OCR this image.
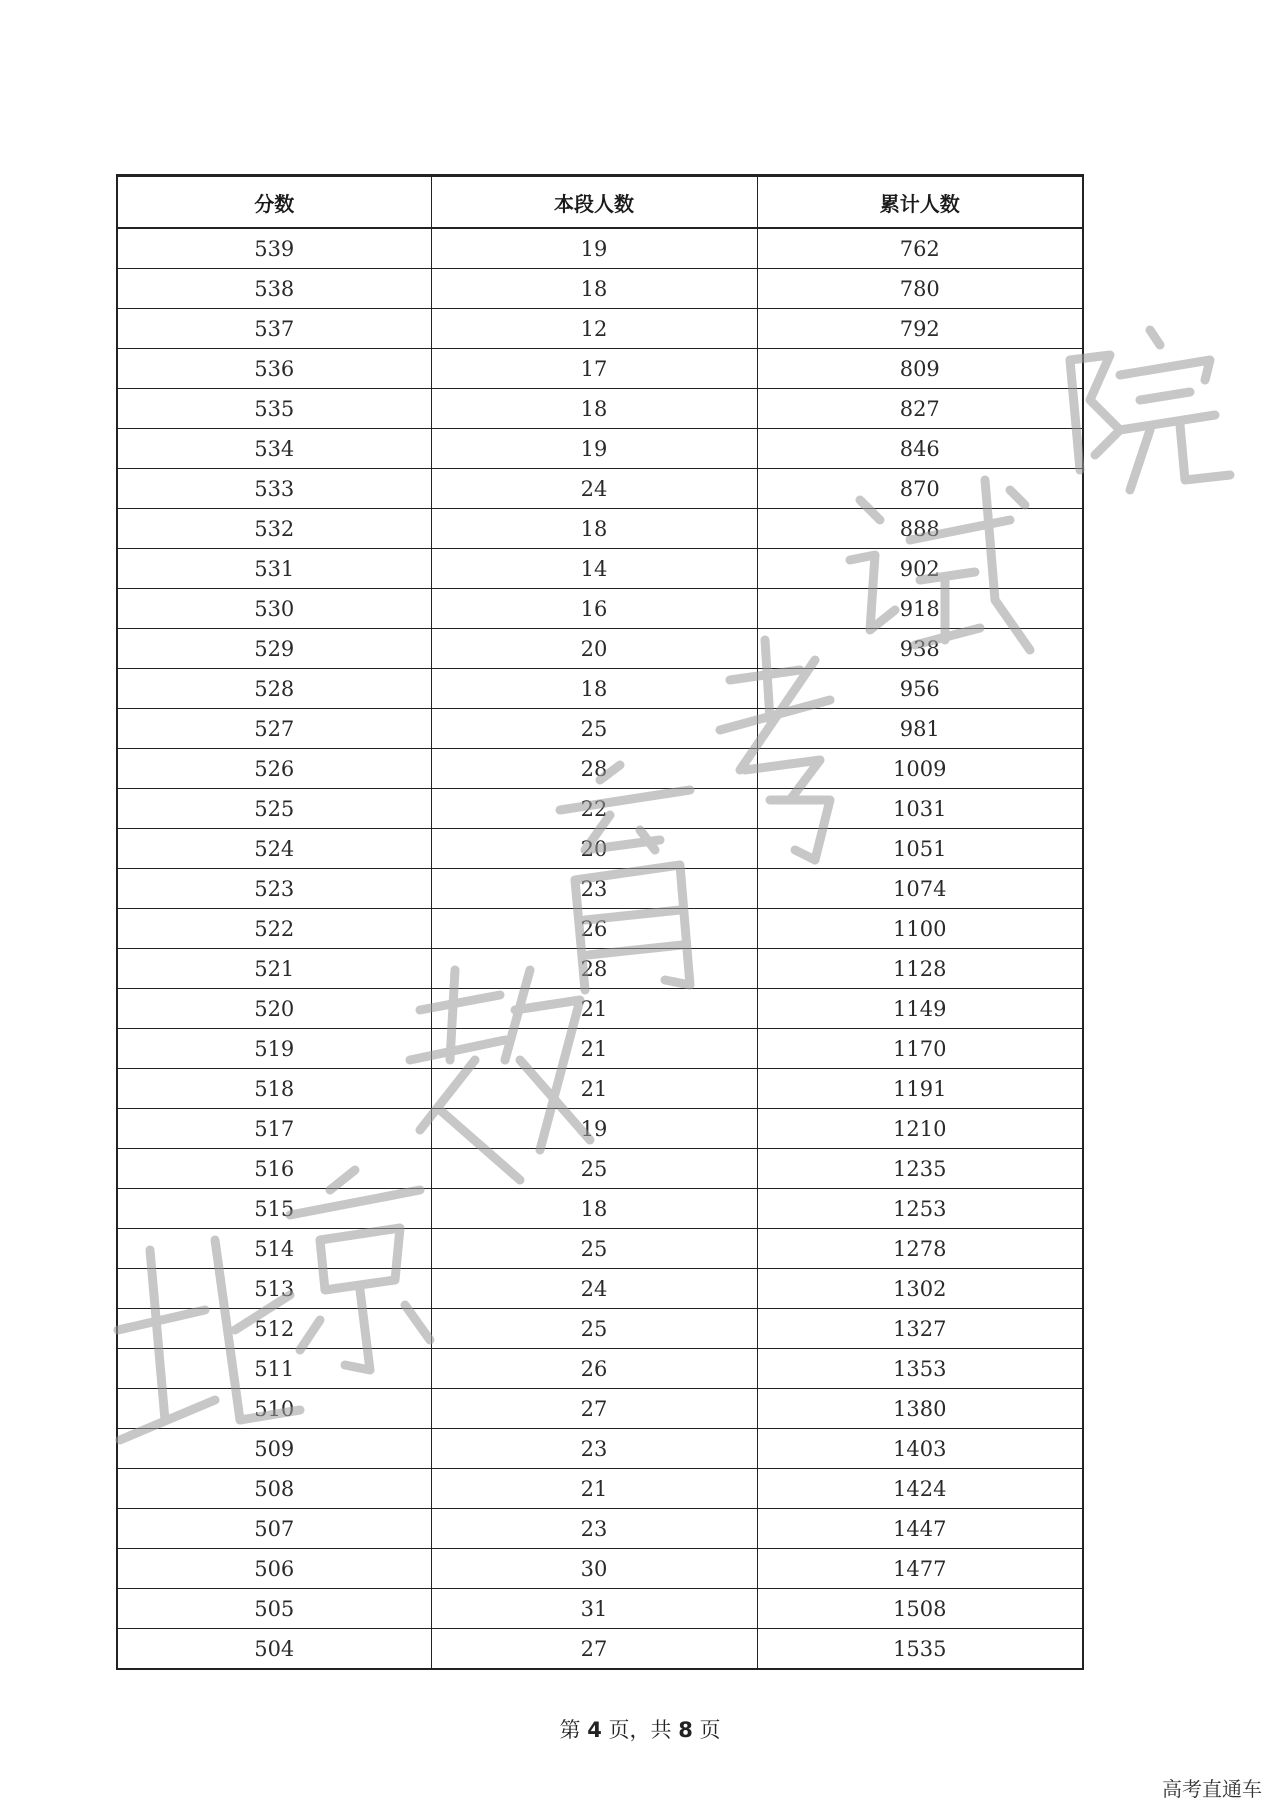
分数	本段人数	累计人数
539	19	762
538	18	780
537	12	792
536	17	809
535	18	827
534	19	846
533	24	870
532	18	888
531	14	902
530	16	918
529	20	938
528	18	956
527	25	981
526	28	1009
525	22	1031
524	20	1051
523	23	1074
522	26	1100
521	28	1128
520	21	1149
519	21	1170
518	21	1191
517	19	1210
516	25	1235
515	18	1253
514	25	1278
513	24	1302
512	25	1327
511	26	1353
510	27	1380
509	23	1403
508	21	1424
507	23	1447
506	30	1477
505	31	1508
504	27	1535
第 4 页，共 8 页
高考直通车
